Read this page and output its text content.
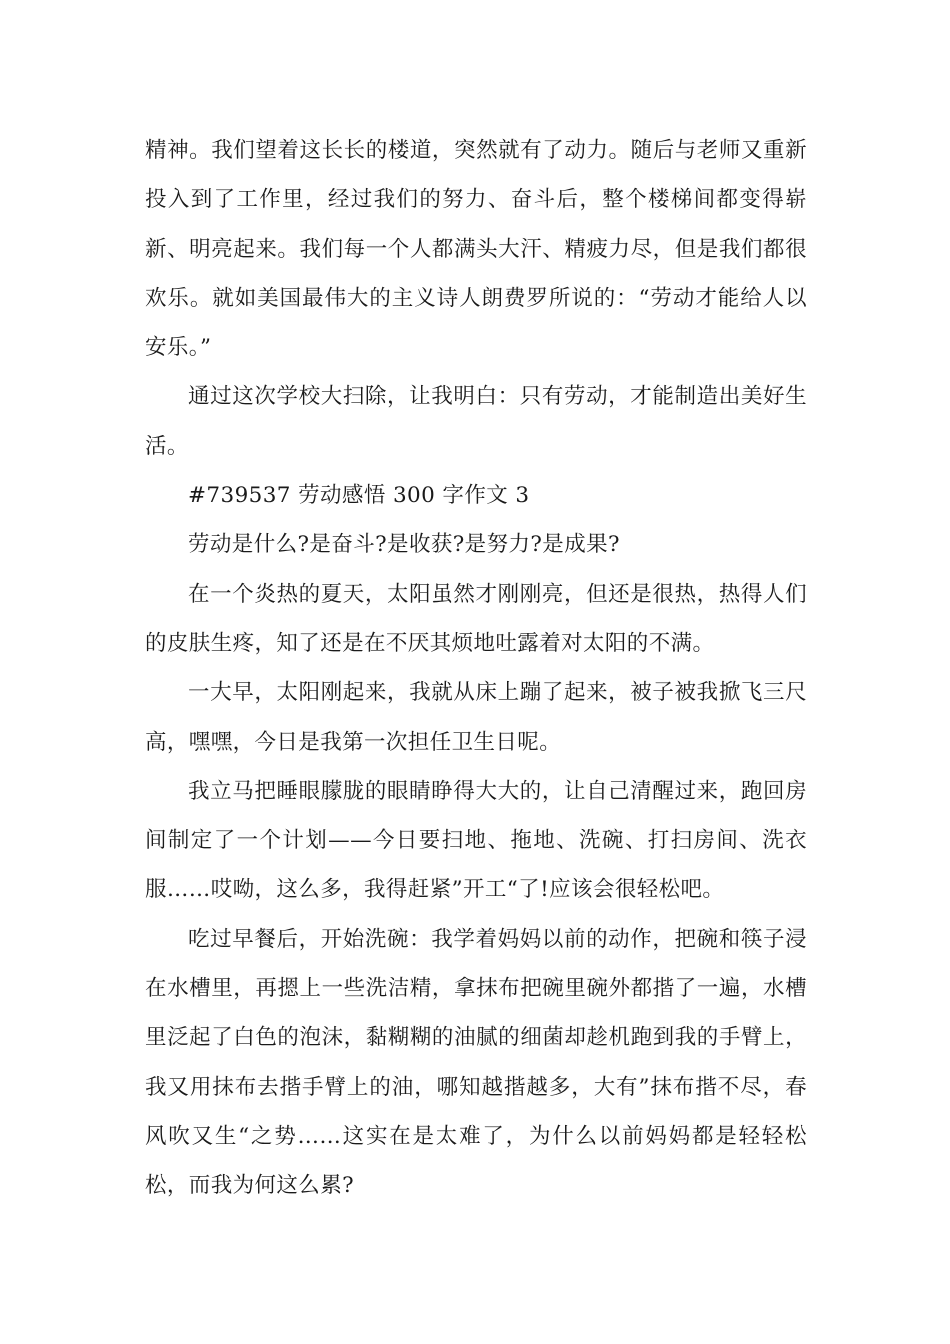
精神。我们望着这长长的楼道，突然就有了动力。随后与老师又重新投入到了工作里，经过我们的努力、奋斗后，整个楼梯间都变得崭新、明亮起来。我们每一个人都满头大汗、精疲力尽，但是我们都很欢乐。就如美国最伟大的主义诗人朗费罗所说的：“劳动才能给人以安乐。”

通过这次学校大扫除，让我明白：只有劳动，才能制造出美好生活。

#739537 劳动感悟 300 字作文 3

劳动是什么?是奋斗?是收获?是努力?是成果?

在一个炎热的夏天，太阳虽然才刚刚亮，但还是很热，热得人们的皮肤生疼，知了还是在不厌其烦地吐露着对太阳的不满。

一大早，太阳刚起来，我就从床上蹦了起来，被子被我掀飞三尺高，嘿嘿，今日是我第一次担任卫生日呢。

我立马把睡眼朦胧的眼睛睁得大大的，让自己清醒过来，跑回房间制定了一个计划——今日要扫地、拖地、洗碗、打扫房间、洗衣服……哎呦，这么多，我得赶紧”开工“了!应该会很轻松吧。

吃过早餐后，开始洗碗：我学着妈妈以前的动作，把碗和筷子浸在水槽里，再摁上一些洗洁精，拿抹布把碗里碗外都揩了一遍，水槽里泛起了白色的泡沫，黏糊糊的油腻的细菌却趁机跑到我的手臂上，我又用抹布去揩手臂上的油，哪知越揩越多，大有”抹布揩不尽，春风吹又生“之势……这实在是太难了，为什么以前妈妈都是轻轻松松，而我为何这么累?
